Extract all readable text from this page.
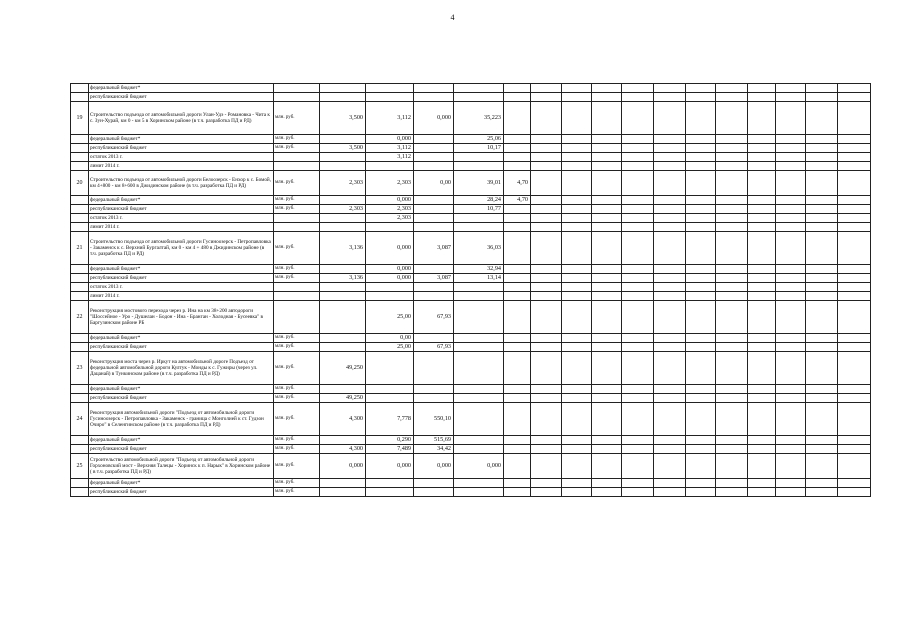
4
	федеральный бюджет*																	
	республиканский бюджет																	
19	Строительство подъезда от автомобильной дороги Улан-Удэ - Романовка - Чита к с. Зун-Хурай, км 0 - км 5 в Хоринском районе (в т.ч. разработка ПД и РД)	млн. руб.	3,500	3,112	0,000	35,223												
	федеральный бюджет*	млн. руб.		0,000		25,06												
	республиканский бюджет	млн. руб.	3,500	3,112		10,17												
	остаток 2013 г.			3,112														
	лимит 2014 г.																	
20	Строительство подъезда от автомобильной дороги Белоозерск - Енхор к с. Бомой, км 4+800 - км 8+600 в Джидинском районе (в т.ч. разработка ПД и РД)	млн. руб.	2,303	2,303	0,00	39,01	4,70											
	федеральный бюджет*	млн. руб.		0,000		28,24	4,70											
	республиканский бюджет	млн. руб.	2,303	2,303		10,77												
	остаток 2013 г.			2,303														
	лимит 2014 г.																	
21	Строительство подъезда от автомобильной дороги Гусиноозерск - Петропавловка - Закаменск к с. Верхний Бургалтай, км 0 - км 4 + 480 в Джидинском районе (в т.ч. разработка ПД и РД)	млн. руб.	3,136	0,000	3,087	36,03												
	федеральный бюджет*	млн. руб.		0,000		32,94												
	республиканский бюджет	млн. руб.	3,136	0,000	3,087	13,14												
	остаток 2013 г.																	
	лимит 2014 г.																	
22	Реконструкция мостового перехода через р. Ина на км 38+200 автодороги "Шоссейное - Уро - Душелан - Бодон - Ина - Бранган - Холодная - Бусеевка" в Баргузинском районе РБ			25,00	67,93													
	федеральный бюджет*	млн. руб.		0,00														
	республиканский бюджет	млн. руб.		25,00	67,93													
23	Реконструкция моста через р. Иркут на автомобильной дороге Подъезд от федеральной автомобильной дороги Култук - Монды к с. Гужиры (через ул. Дацанай) в Тункинском районе (в т.ч. разработка ПД и РД)	млн. руб.	49,250															
	федеральный бюджет*	млн. руб.																
	республиканский бюджет	млн. руб.	49,250															
24	Реконструкция автомобильной дороги "Подъезд от автомобильной дороги Гусиноозерск - Петропавловка - Закаменск - граница с Монголией к ст. Гудзон Очиро" в Селенгинском районе (в т.ч. разработка ПД и РД)	млн. руб.	4,300	7,778	550,10													
	федеральный бюджет*	млн. руб.		0,290	515,69													
	республиканский бюджет	млн. руб.	4,300	7,489	34,42													
25	Строительство автомобильной дороги "Подъезд от автомобильной дороги Горхоновский мост - Верхняя Талецы - Хоринск к п. Нарык" в Хоринском районе ( в т.ч. разработка ПД и РД)	млн. руб.	0,000	0,000	0,000	0,000												
	федеральный бюджет*	млн. руб.																
	республиканский бюджет	млн. руб.																
